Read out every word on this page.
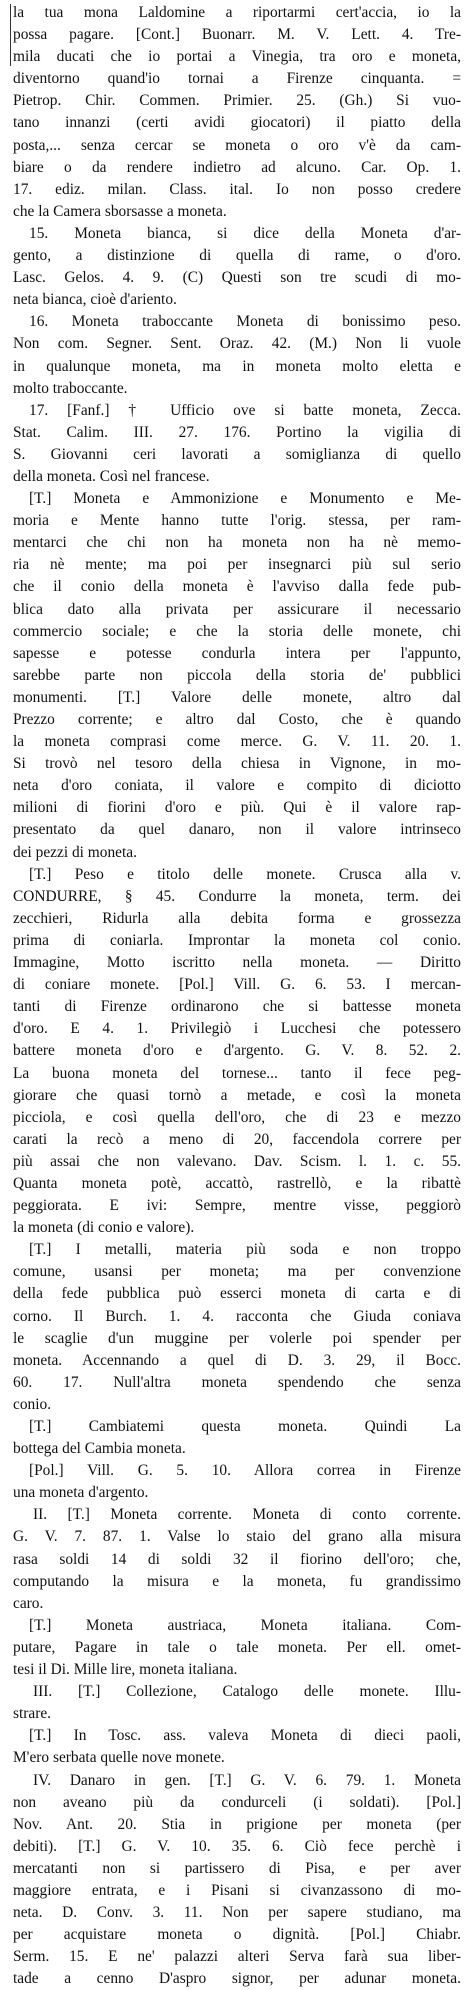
la tua mona Laldomine a riportarmi cert'accia, io la
possa pagare. [Cont.] Buonarr. M. V. Lett. 4. Tre-
mila ducati che io portai a Vinegia, tra oro e moneta,
diventorno quand'io tornai a Firenze cinquanta. =
Pietrop. Chir. Commen. Primier. 25. (Gh.) Si vuo-
tano innanzi (certi avidi giocatori) il piatto della
posta,... senza cercar se moneta o oro v'è da cam-
biare o da rendere indietro ad alcuno. Car. Op. 1.
17. ediz. milan. Class. ital. Io non posso credere
che la Camera sborsasse a moneta.
15. Moneta bianca, si dice della Moneta d'ar-
gento, a distinzione di quella di rame, o d'oro.
Lasc. Gelos. 4. 9. (C) Questi son tre scudi di mo-
neta bianca, cioè d'ariento.
16. Moneta traboccante Moneta di bonissimo peso.
Non com. Segner. Sent. Oraz. 42. (M.) Non li vuole
in qualunque moneta, ma in moneta molto eletta e
molto traboccante.
17. [Fanf.] † Ufficio ove si batte moneta, Zecca.
Stat. Calim. III. 27. 176. Portino la vigilia di
S. Giovanni ceri lavorati a somiglianza di quello
della moneta. Così nel francese.
[T.] Moneta e Ammonizione e Monumento e Me-
moria e Mente hanno tutte l'orig. stessa, per ram-
mentarci che chi non ha moneta non ha nè memo-
ria nè mente; ma poi per insegnarci più sul serio
che il conio della moneta è l'avviso dalla fede pub-
blica dato alla privata per assicurare il necessario
commercio sociale; e che la storia delle monete, chi
sapesse e potesse condurla intera per l'appunto,
sarebbe parte non piccola della storia de' pubblici
monumenti. [T.] Valore delle monete, altro dal
Prezzo corrente; e altro dal Costo, che è quando
la moneta comprasi come merce. G. V. 11. 20. 1.
Si trovò nel tesoro della chiesa in Vignone, in mo-
neta d'oro coniata, il valore e compito di diciotto
milioni di fiorini d'oro e più. Qui è il valore rap-
presentato da quel danaro, non il valore intrinseco
dei pezzi di moneta.
[T.] Peso e titolo delle monete. Crusca alla v.
CONDURRE, § 45. Condurre la moneta, term. dei
zecchieri, Ridurla alla debita forma e grossezza
prima di coniarla. Improntar la moneta col conio.
Immagine, Motto iscritto nella moneta. — Diritto
di coniare monete. [Pol.] Vill. G. 6. 53. I mercan-
tanti di Firenze ordinarono che si battesse moneta
d'oro. E 4. 1. Privilegiò i Lucchesi che potessero
battere moneta d'oro e d'argento. G. V. 8. 52. 2.
La buona moneta del tornese... tanto il fece peg-
giorare che quasi tornò a metade, e così la moneta
picciola, e così quella dell'oro, che di 23 e mezzo
carati la recò a meno di 20, faccendola correre per
più assai che non valevano. Dav. Scism. l. 1. c. 55.
Quanta moneta potè, accattò, rastrellò, e la ribattè
peggiorata. E ivi: Sempre, mentre visse, peggiorò
la moneta (di conio e valore).
[T.] I metalli, materia più soda e non troppo
comune, usansi per moneta; ma per convenzione
della fede pubblica può esserci moneta di carta e di
corno. Il Burch. 1. 4. racconta che Giuda coniava
le scaglie d'un muggine per volerle poi spender per
moneta. Accennando a quel di D. 3. 29, il Bocc.
60. 17. Null'altra moneta spendendo che senza
conio.
[T.] Cambiatemi questa moneta. Quindi La
bottega del Cambia moneta.
[Pol.] Vill. G. 5. 10. Allora correa in Firenze
una moneta d'argento.
II. [T.] Moneta corrente. Moneta di conto corrente.
G. V. 7. 87. 1. Valse lo staio del grano alla misura
rasa soldi 14 di soldi 32 il fiorino dell'oro; che,
computando la misura e la moneta, fu grandissimo
caro.
[T.] Moneta austriaca, Moneta italiana. Com-
putare, Pagare in tale o tale moneta. Per ell. omet-
tesi il Di. Mille lire, moneta italiana.
III. [T.] Collezione, Catalogo delle monete. Illu-
strare.
[T.] In Tosc. ass. valeva Moneta di dieci paoli,
M'ero serbata quelle nove monete.
IV. Danaro in gen. [T.] G. V. 6. 79. 1. Moneta
non aveano più da condurceli (i soldati). [Pol.]
Nov. Ant. 20. Stia in prigione per moneta (per
debiti). [T.] G. V. 10. 35. 6. Ciò fece perchè i
mercatanti non si partissero di Pisa, e per aver
maggiore entrata, e i Pisani si civanzassono di mo-
neta. D. Conv. 3. 11. Non per sapere studiano, ma
per acquistare moneta o dignità. [Pol.] Chiabr.
Serm. 15. E ne' palazzi alteri Serva farà sua liber-
tade a cenno D'aspro signor, per adunar moneta.
